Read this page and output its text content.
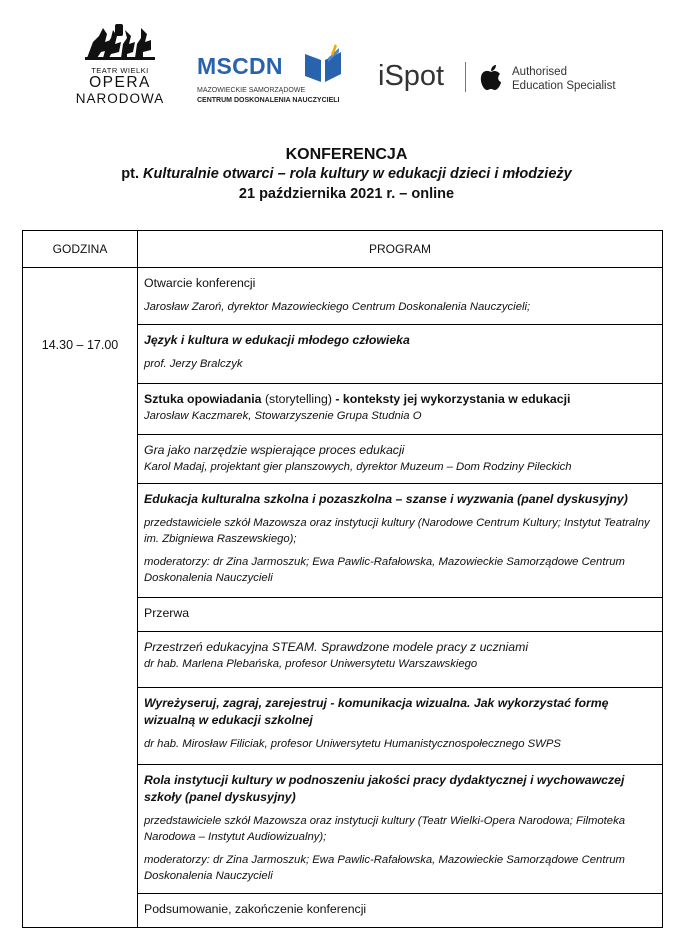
TEATR WIELKI
OPERA
NARODOWA
MSCDN
MAZOWIECKIE SAMORZĄDOWE
CENTRUM DOSKONALENIA NAUCZYCIELI
iSpot	Authorised
Education Specialist
KONFERENCJA
pt. Kulturalnie otwarci – rola kultury w edukacji dzieci i młodzieży
21 października 2021 r. – online
GODZINA	PROGRAM
14.30 – 17.00	Otwarcie konferencji
Jarosław Zaroń, dyrektor Mazowieckiego Centrum Doskonalenia Nauczycieli;

	Język i kultura w edukacji młodego człowieka
prof. Jerzy Bralczyk

	Sztuka opowiadania (storytelling) - konteksty jej wykorzystania w edukacji
Jarosław Kaczmarek, Stowarzyszenie Grupa Studnia O

	Gra jako narzędzie wspierające proces edukacji
Karol Madaj, projektant gier planszowych, dyrektor Muzeum – Dom Rodziny Pileckich

	Edukacja kulturalna szkolna i pozaszkolna – szanse i wyzwania (panel dyskusyjny)
przedstawiciele szkół Mazowsza oraz instytucji kultury (Narodowe Centrum Kultury; Instytut Teatralny im. Zbigniewa Raszewskiego);
moderatorzy: dr Zina Jarmoszuk; Ewa Pawlic-Rafałowska, Mazowieckie Samorządowe Centrum Doskonalenia Nauczycieli

	Przerwa

	Przestrzeń edukacyjna STEAM. Sprawdzone modele pracy z uczniami
dr hab. Marlena Plebańska, profesor Uniwersytetu Warszawskiego

	Wyreżyseruj, zagraj, zarejestruj - komunikacja wizualna. Jak wykorzystać formę wizualną w edukacji szkolnej
dr hab. Mirosław Filiciak, profesor Uniwersytetu Humanistycznospołecznego SWPS

	Rola instytucji kultury w podnoszeniu jakości pracy dydaktycznej i wychowawczej szkoły (panel dyskusyjny)
przedstawiciele szkół Mazowsza oraz instytucji kultury (Teatr Wielki-Opera Narodowa; Filmoteka Narodowa – Instytut Audiowizualny);
moderatorzy: dr Zina Jarmoszuk; Ewa Pawlic-Rafałowska, Mazowieckie Samorządowe Centrum Doskonalenia Nauczycieli

	Podsumowanie, zakończenie konferencji
